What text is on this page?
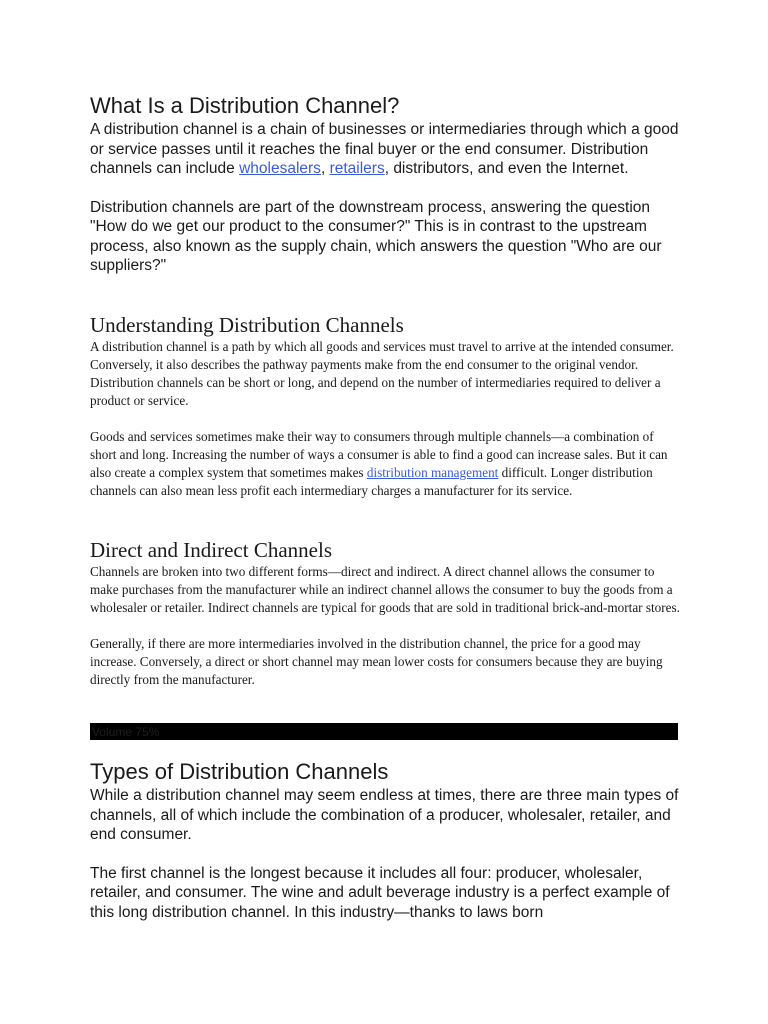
What Is a Distribution Channel?

A distribution channel is a chain of businesses or intermediaries through which a good or service passes until it reaches the final buyer or the end consumer. Distribution channels can include wholesalers, retailers, distributors, and even the Internet.

Distribution channels are part of the downstream process, answering the question "How do we get our product to the consumer?" This is in contrast to the upstream process, also known as the supply chain, which answers the question "Who are our suppliers?"

Understanding Distribution Channels

A distribution channel is a path by which all goods and services must travel to arrive at the intended consumer. Conversely, it also describes the pathway payments make from the end consumer to the original vendor. Distribution channels can be short or long, and depend on the number of intermediaries required to deliver a product or service.

Goods and services sometimes make their way to consumers through multiple channels—a combination of short and long. Increasing the number of ways a consumer is able to find a good can increase sales. But it can also create a complex system that sometimes makes distribution management difficult. Longer distribution channels can also mean less profit each intermediary charges a manufacturer for its service.

Direct and Indirect Channels

Channels are broken into two different forms—direct and indirect. A direct channel allows the consumer to make purchases from the manufacturer while an indirect channel allows the consumer to buy the goods from a wholesaler or retailer. Indirect channels are typical for goods that are sold in traditional brick-and-mortar stores.

Generally, if there are more intermediaries involved in the distribution channel, the price for a good may increase. Conversely, a direct or short channel may mean lower costs for consumers because they are buying directly from the manufacturer.

Volume 75%
Types of Distribution Channels

While a distribution channel may seem endless at times, there are three main types of channels, all of which include the combination of a producer, wholesaler, retailer, and end consumer.

The first channel is the longest because it includes all four: producer, wholesaler, retailer, and consumer. The wine and adult beverage industry is a perfect example of this long distribution channel. In this industry—thanks to laws born
